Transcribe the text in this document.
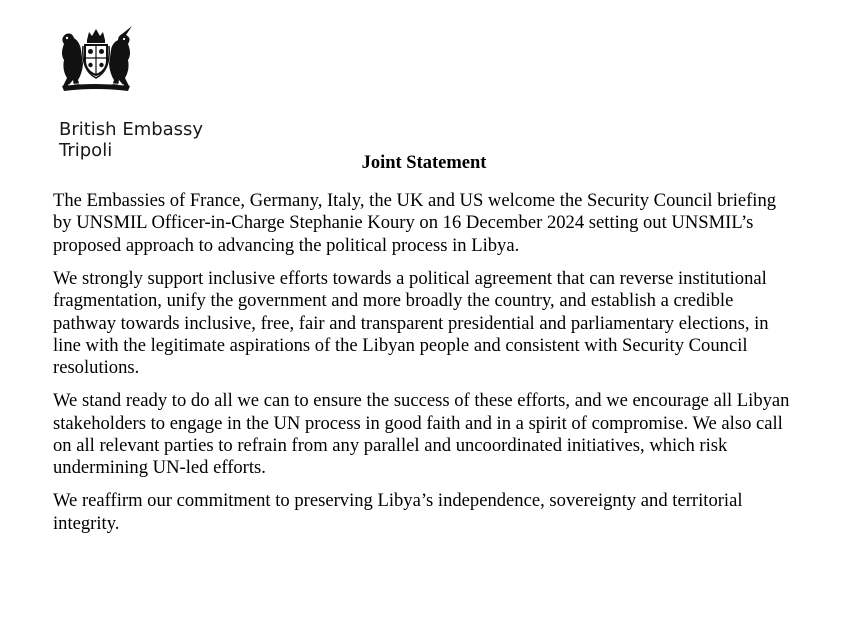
British Embassy
Tripoli
Joint Statement

The Embassies of France, Germany, Italy, the UK and US welcome the Security Council briefing by UNSMIL Officer-in-Charge Stephanie Koury on 16 December 2024 setting out UNSMIL’s proposed approach to advancing the political process in Libya.

We strongly support inclusive efforts towards a political agreement that can reverse institutional fragmentation, unify the government and more broadly the country, and establish a credible pathway towards inclusive, free, fair and transparent presidential and parliamentary elections, in line with the legitimate aspirations of the Libyan people and consistent with Security Council resolutions.

We stand ready to do all we can to ensure the success of these efforts, and we encourage all Libyan stakeholders to engage in the UN process in good faith and in a spirit of compromise. We also call on all relevant parties to refrain from any parallel and uncoordinated initiatives, which risk undermining UN-led efforts.

We reaffirm our commitment to preserving Libya’s independence, sovereignty and territorial integrity.
